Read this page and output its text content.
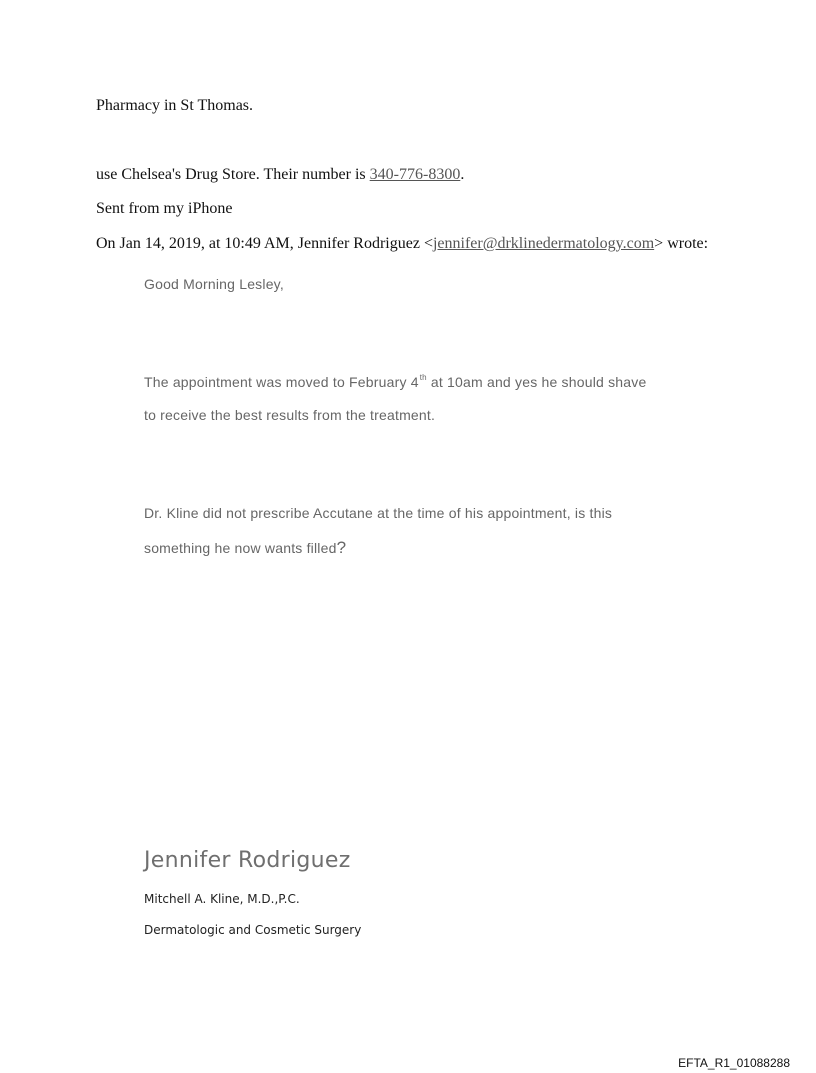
Pharmacy in St Thomas.
use Chelsea's Drug Store. Their number is 340-776-8300.
Sent from my iPhone
On Jan 14, 2019, at 10:49 AM, Jennifer Rodriguez <jennifer@drklinedermatology.com> wrote:
Good Morning Lesley,
The appointment was moved to February 4th at 10am and yes he should shave
to receive the best results from the treatment.
Dr. Kline did not prescribe Accutane at the time of his appointment, is this
something he now wants filled?
Jennifer Rodriguez
Mitchell A. Kline, M.D.,P.C.
Dermatologic and Cosmetic Surgery
EFTA_R1_01088288
